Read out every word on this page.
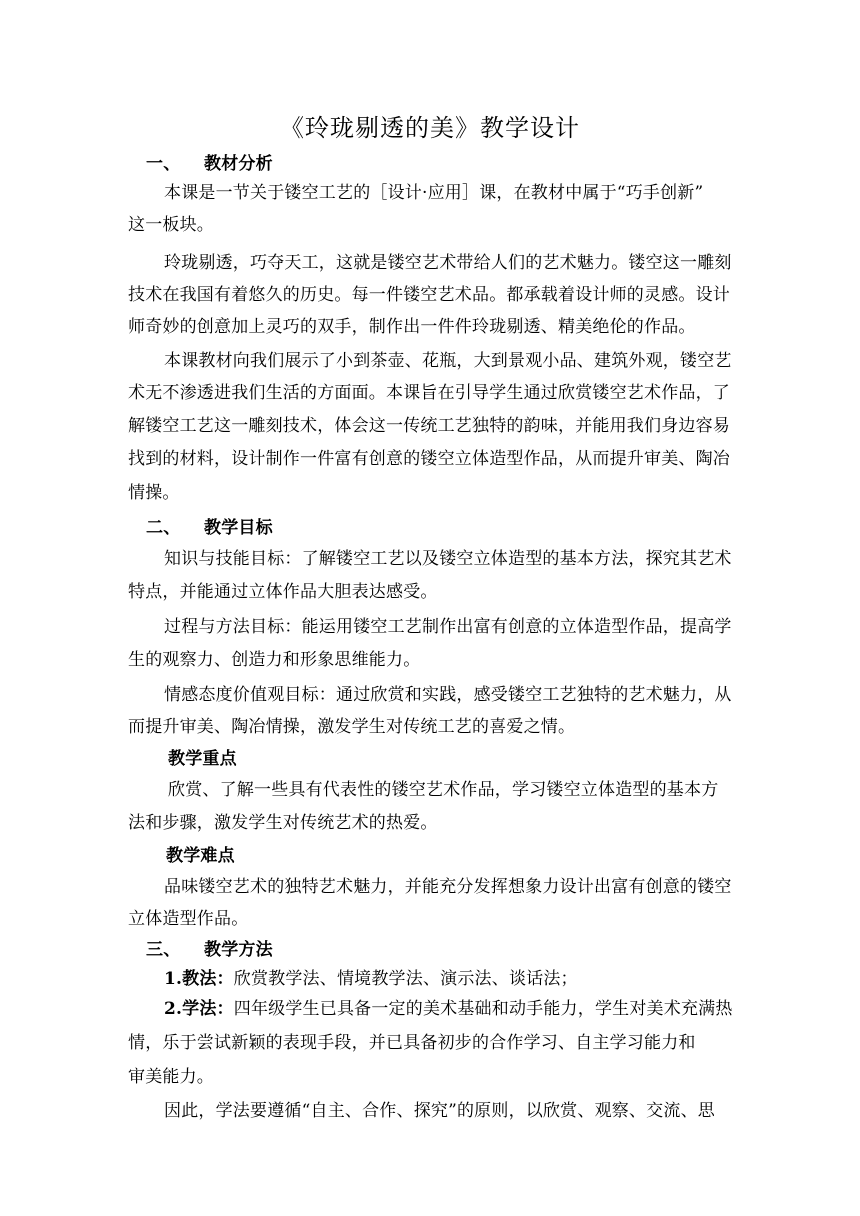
《玲珑剔透的美》教学设计
一、 教材分析
本课是一节关于镂空工艺的［设计·应用］课，在教材中属于“巧手创新”
这一板块。
玲珑剔透，巧夺天工，这就是镂空艺术带给人们的艺术魅力。镂空这一雕刻
技术在我国有着悠久的历史。每一件镂空艺术品。都承载着设计师的灵感。设计
师奇妙的创意加上灵巧的双手，制作出一件件玲珑剔透、精美绝伦的作品。
本课教材向我们展示了小到茶壶、花瓶，大到景观小品、建筑外观，镂空艺
术无不渗透进我们生活的方面面。本课旨在引导学生通过欣赏镂空艺术作品，了
解镂空工艺这一雕刻技术，体会这一传统工艺独特的韵味，并能用我们身边容易
找到的材料，设计制作一件富有创意的镂空立体造型作品，从而提升审美、陶冶
情操。
二、 教学目标
知识与技能目标：了解镂空工艺以及镂空立体造型的基本方法，探究其艺术
特点，并能通过立体作品大胆表达感受。
过程与方法目标：能运用镂空工艺制作出富有创意的立体造型作品，提高学
生的观察力、创造力和形象思维能力。
情感态度价值观目标：通过欣赏和实践，感受镂空工艺独特的艺术魅力，从
而提升审美、陶冶情操，激发学生对传统工艺的喜爱之情。
教学重点
欣赏、了解一些具有代表性的镂空艺术作品，学习镂空立体造型的基本方
法和步骤，激发学生对传统艺术的热爱。
教学难点
品味镂空艺术的独特艺术魅力，并能充分发挥想象力设计出富有创意的镂空
立体造型作品。
三、 教学方法
1.教法：欣赏教学法、情境教学法、演示法、谈话法；
2.学法：四年级学生已具备一定的美术基础和动手能力，学生对美术充满热
情，乐于尝试新颖的表现手段，并已具备初步的合作学习、自主学习能力和
审美能力。
因此，学法要遵循“自主、合作、探究”的原则，以欣赏、观察、交流、思
